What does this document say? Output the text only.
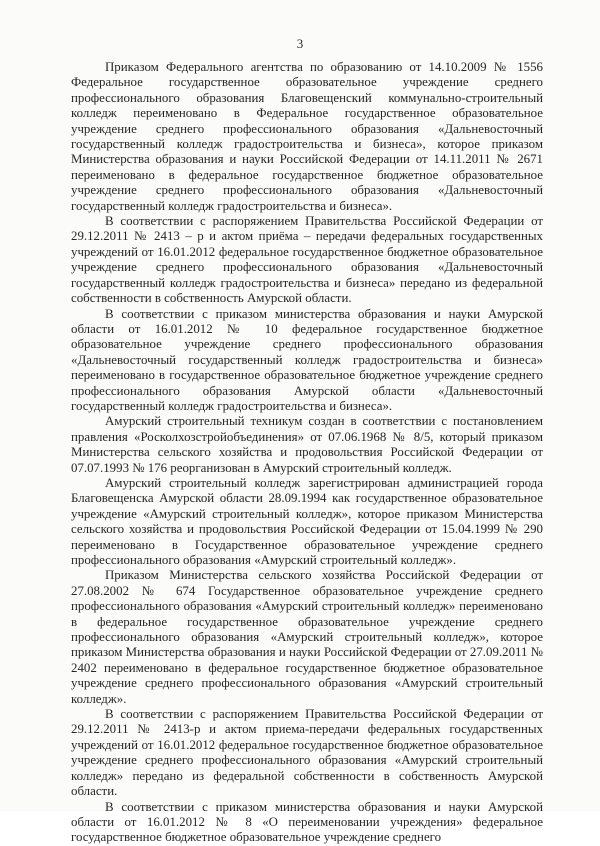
3

Приказом Федерального агентства по образованию от 14.10.2009 № 1556 Федеральное государственное образовательное учреждение среднего профессионального образования Благовещенский коммунально-строительный колледж переименовано в Федеральное государственное образовательное учреждение среднего профессионального образования «Дальневосточный государственный колледж градостроительства и бизнеса», которое приказом Министерства образования и науки Российской Федерации от 14.11.2011 № 2671 переименовано в федеральное государственное бюджетное образовательное учреждение среднего профессионального образования «Дальневосточный государственный колледж градостроительства и бизнеса».

В соответствии с распоряжением Правительства Российской Федерации от 29.12.2011 № 2413 – р и актом приёма – передачи федеральных государственных учреждений от 16.01.2012 федеральное государственное бюджетное образовательное учреждение среднего профессионального образования «Дальневосточный государственный колледж градостроительства и бизнеса» передано из федеральной собственности в собственность Амурской области.

В соответствии с приказом министерства образования и науки Амурской области от 16.01.2012 № 10 федеральное государственное бюджетное образовательное учреждение среднего профессионального образования «Дальневосточный государственный колледж градостроительства и бизнеса» переименовано в государственное образовательное бюджетное учреждение среднего профессионального образования Амурской области «Дальневосточный государственный колледж градостроительства и бизнеса».

Амурский строительный техникум создан в соответствии с постановлением правления «Росколхозстройобъединения» от 07.06.1968 № 8/5, который приказом Министерства сельского хозяйства и продовольствия Российской Федерации от 07.07.1993 № 176 реорганизован в Амурский строительный колледж.

Амурский строительный колледж зарегистрирован администрацией города Благовещенска Амурской области 28.09.1994 как государственное образовательное учреждение «Амурский строительный колледж», которое приказом Министерства сельского хозяйства и продовольствия Российской Федерации от 15.04.1999 № 290 переименовано в Государственное образовательное учреждение среднего профессионального образования «Амурский строительный колледж».

Приказом Министерства сельского хозяйства Российской Федерации от 27.08.2002 № 674 Государственное образовательное учреждение среднего профессионального образования «Амурский строительный колледж» переименовано в федеральное государственное образовательное учреждение среднего профессионального образования «Амурский строительный колледж», которое приказом Министерства образования и науки Российской Федерации от 27.09.2011 № 2402 переименовано в федеральное государственное бюджетное образовательное учреждение среднего профессионального образования «Амурский строительный колледж».

В соответствии с распоряжением Правительства Российской Федерации от 29.12.2011 № 2413-р и актом приема-передачи федеральных государственных учреждений от 16.01.2012 федеральное государственное бюджетное образовательное учреждение среднего профессионального образования «Амурский строительный колледж» передано из федеральной собственности в собственность Амурской области.

В соответствии с приказом министерства образования и науки Амурской области от 16.01.2012 № 8 «О переименовании учреждения» федеральное государственное бюджетное образовательное учреждение среднего
